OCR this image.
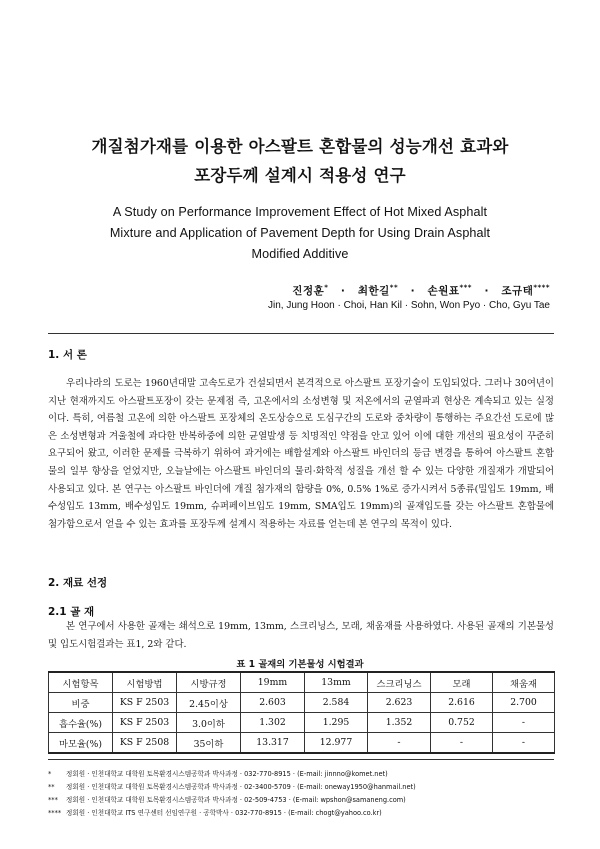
개질첨가재를 이용한 아스팔트 혼합물의 성능개선 효과와
포장두께 설계시 적용성 연구
A Study on Performance Improvement Effect of Hot Mixed Asphalt
Mixture and Application of Pavement Depth for Using Drain Asphalt
Modified Additive
진정훈* · 최한길** · 손원표*** · 조규태****
Jin, Jung Hoon · Choi, Han Kil · Sohn, Won Pyo · Cho, Gyu Tae
1. 서 론

우리나라의 도로는 1960년대말 고속도로가 건설되면서 본격적으로 아스팔트 포장기술이 도입되었다. 그러나 30여년이 지난 현재까지도 아스팔트포장이 갖는 문제점 즉, 고온에서의 소성변형 및 저온에서의 균열파괴 현상은 계속되고 있는 실정이다. 특히, 여름철 고온에 의한 아스팔트 포장체의 온도상승으로 도심구간의 도로와 중차량이 통행하는 주요간선 도로에 많은 소성변형과 겨울철에 과다한 반복하중에 의한 균열발생 등 치명적인 약점을 안고 있어 이에 대한 개선의 필요성이 꾸준히 요구되어 왔고, 이러한 문제를 극복하기 위하여 과거에는 배합설계와 아스팔트 바인더의 등급 변경을 통하여 아스팔트 혼합물의 일부 향상을 얻었지만, 오늘날에는 아스팔트 바인더의 물리·화학적 성질을 개선 할 수 있는 다양한 개질재가 개발되어 사용되고 있다. 본 연구는 아스팔트 바인더에 개질 첨가재의 함량을 0%, 0.5% 1%로 증가시켜서 5종류(밀입도 19mm, 배수성입도 13mm, 배수성입도 19mm, 슈퍼페이브입도 19mm, SMA입도 19mm)의 골재입도를 갖는 아스팔트 혼합물에 첨가함으로서 얻을 수 있는 효과를 포장두께 설계시 적용하는 자료를 얻는데 본 연구의 목적이 있다.

2. 재료 선정
2.1 골 재

본 연구에서 사용한 골재는 쇄석으로 19mm, 13mm, 스크리닝스, 모래, 채움재를 사용하였다. 사용된 골재의 기본물성 및 입도시험결과는 표1, 2와 같다.

표 1 골재의 기본물성 시험결과
시험항목	시험방법	시방규정	19mm	13mm	스크리닝스	모래	채움재
비중	KS F 2503	2.45이상	2.603	2.584	2.623	2.616	2.700
흡수율(%)	KS F 2503	3.0이하	1.302	1.295	1.352	0.752	-
마모율(%)	KS F 2508	35이하	13.317	12.977	-	-	-
* 정회원 · 인천대학교 대학원 토목환경시스템공학과 박사과정 · 032-770-8915 · (E-mail: jinnno@komet.net)
** 정회원 · 인천대학교 대학원 토목환경시스템공학과 박사과정 · 02-3400-5709 · (E-mail: oneway1950@hanmail.net)
*** 정회원 · 인천대학교 대학원 토목환경시스템공학과 박사과정 · 02-509-4753 · (E-mail: wpshon@samaneng.com)
**** 정회원 · 인천대학교 ITS 연구센터 선임연구원 · 공학박사 · 032-770-8915 · (E-mail: chogt@yahoo.co.kr)
